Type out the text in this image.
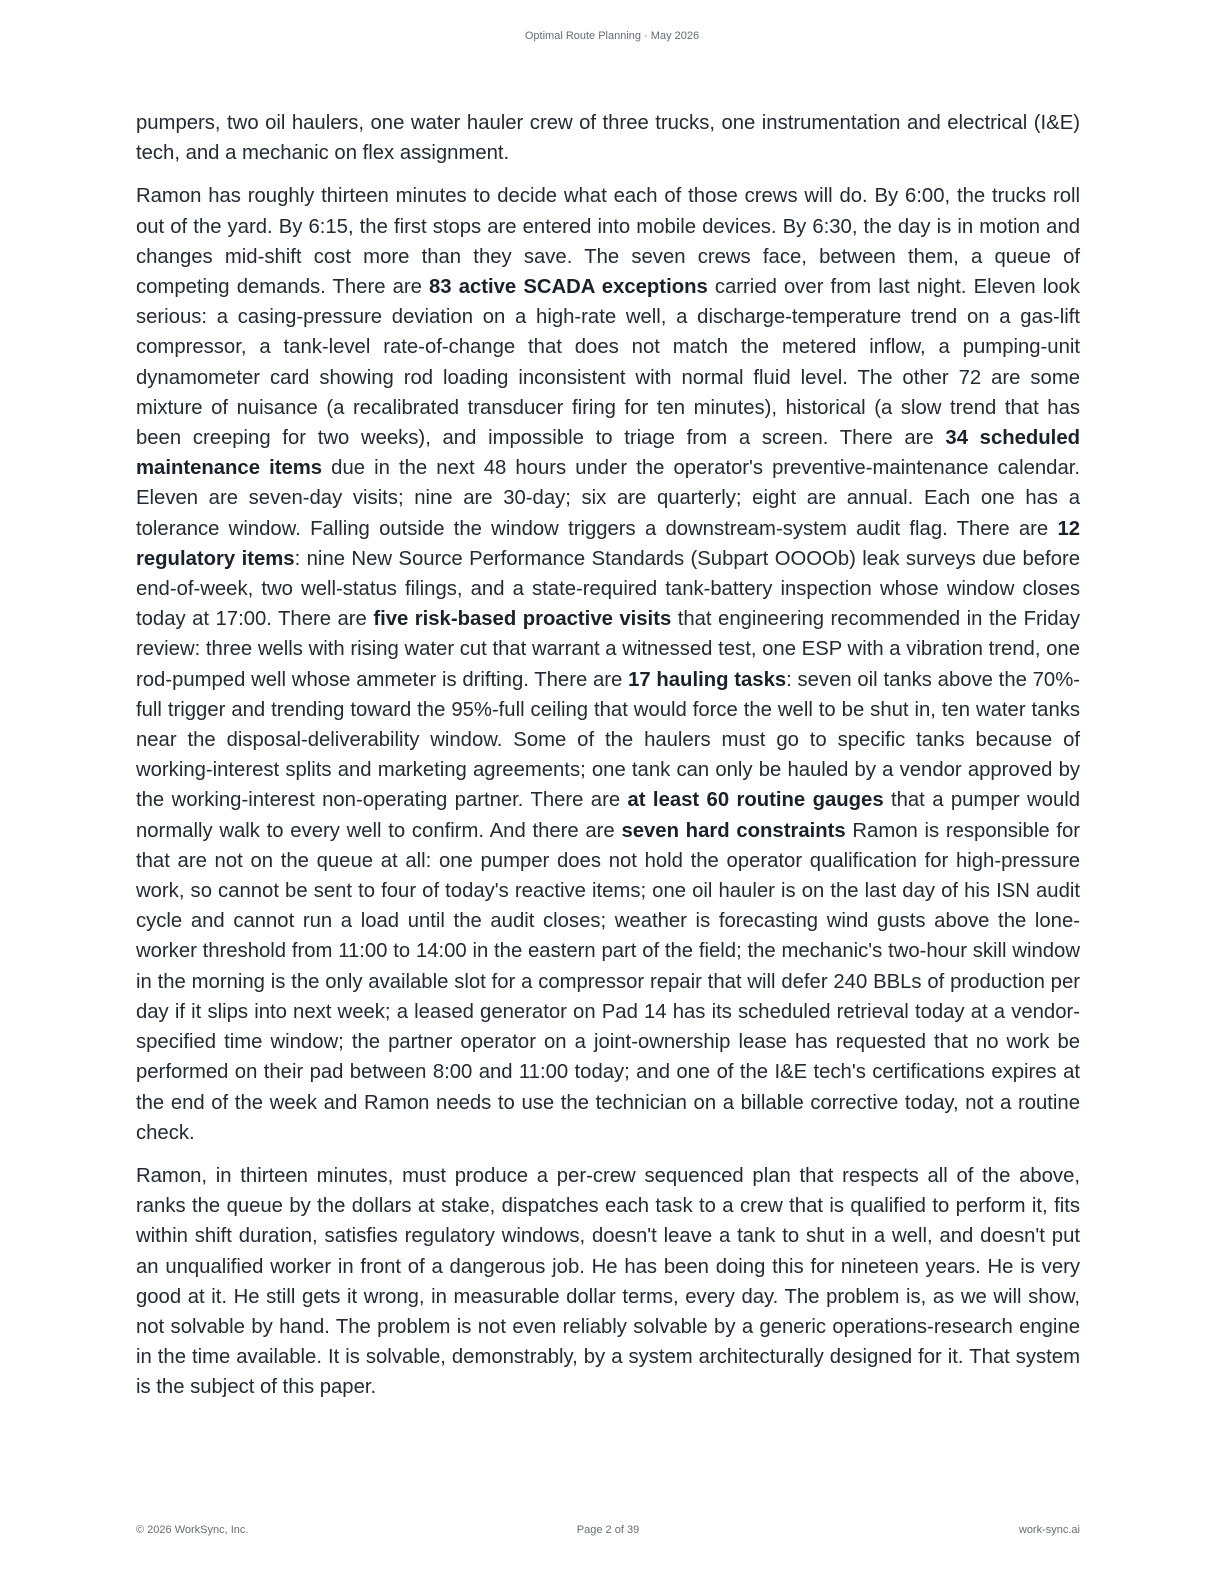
Optimal Route Planning · May 2026

pumpers, two oil haulers, one water hauler crew of three trucks, one instrumentation and electrical (I&E) tech, and a mechanic on flex assignment.

Ramon has roughly thirteen minutes to decide what each of those crews will do. By 6:00, the trucks roll out of the yard. By 6:15, the first stops are entered into mobile devices. By 6:30, the day is in motion and changes mid-shift cost more than they save. The seven crews face, between them, a queue of competing demands. There are 83 active SCADA exceptions carried over from last night. Eleven look serious: a casing-pressure deviation on a high-rate well, a discharge-temperature trend on a gas-lift compressor, a tank-level rate-of-change that does not match the metered inflow, a pumping-unit dynamometer card showing rod loading inconsistent with normal fluid level. The other 72 are some mixture of nuisance (a recalibrated transducer firing for ten minutes), historical (a slow trend that has been creeping for two weeks), and impossible to triage from a screen. There are 34 scheduled maintenance items due in the next 48 hours under the operator's preventive-maintenance calendar. Eleven are seven-day visits; nine are 30-day; six are quarterly; eight are annual. Each one has a tolerance window. Falling outside the window triggers a downstream-system audit flag. There are 12 regulatory items: nine New Source Performance Standards (Subpart OOOOb) leak surveys due before end-of-week, two well-status filings, and a state-required tank-battery inspection whose window closes today at 17:00. There are five risk-based proactive visits that engineering recommended in the Friday review: three wells with rising water cut that warrant a witnessed test, one ESP with a vibration trend, one rod-pumped well whose ammeter is drifting. There are 17 hauling tasks: seven oil tanks above the 70%-full trigger and trending toward the 95%-full ceiling that would force the well to be shut in, ten water tanks near the disposal-deliverability window. Some of the haulers must go to specific tanks because of working-interest splits and marketing agreements; one tank can only be hauled by a vendor approved by the working-interest non-operating partner. There are at least 60 routine gauges that a pumper would normally walk to every well to confirm. And there are seven hard constraints Ramon is responsible for that are not on the queue at all: one pumper does not hold the operator qualification for high-pressure work, so cannot be sent to four of today's reactive items; one oil hauler is on the last day of his ISN audit cycle and cannot run a load until the audit closes; weather is forecasting wind gusts above the lone-worker threshold from 11:00 to 14:00 in the eastern part of the field; the mechanic's two-hour skill window in the morning is the only available slot for a compressor repair that will defer 240 BBLs of production per day if it slips into next week; a leased generator on Pad 14 has its scheduled retrieval today at a vendor-specified time window; the partner operator on a joint-ownership lease has requested that no work be performed on their pad between 8:00 and 11:00 today; and one of the I&E tech's certifications expires at the end of the week and Ramon needs to use the technician on a billable corrective today, not a routine check.

Ramon, in thirteen minutes, must produce a per-crew sequenced plan that respects all of the above, ranks the queue by the dollars at stake, dispatches each task to a crew that is qualified to perform it, fits within shift duration, satisfies regulatory windows, doesn't leave a tank to shut in a well, and doesn't put an unqualified worker in front of a dangerous job. He has been doing this for nineteen years. He is very good at it. He still gets it wrong, in measurable dollar terms, every day. The problem is, as we will show, not solvable by hand. The problem is not even reliably solvable by a generic operations-research engine in the time available. It is solvable, demonstrably, by a system architecturally designed for it. That system is the subject of this paper.

Page 2 of 39
© 2026 WorkSync, Inc.	work-sync.ai
